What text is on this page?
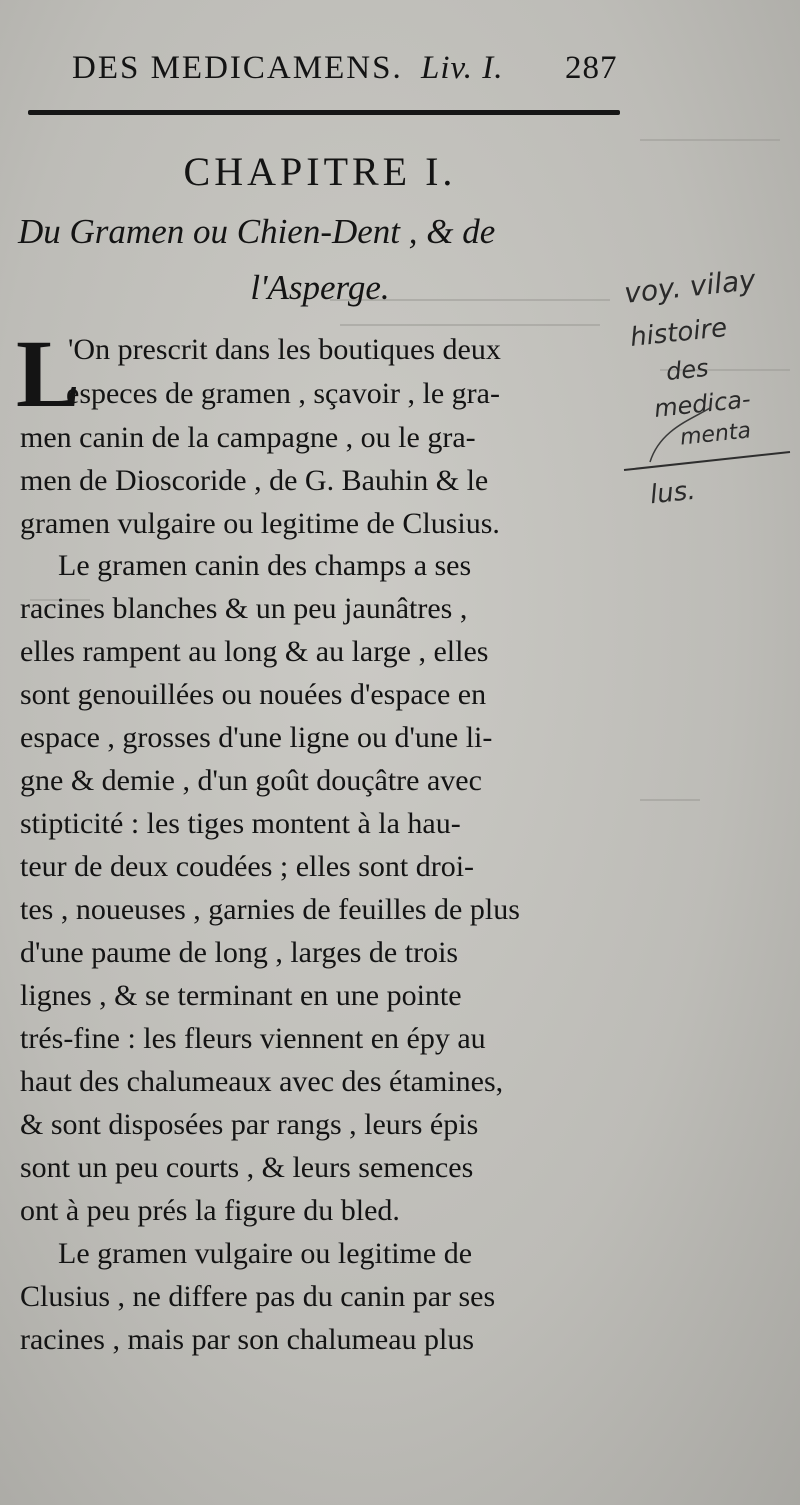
DES MEDICAMENS. Liv. I. 287
CHAPITRE I.
Du Gramen ou Chien-Dent , & de
l'Asperge.
L
'On prescrit dans les boutiques deux
especes de gramen , sçavoir , le gra-
men canin de la campagne , ou le gra-
men de Dioscoride , de G. Bauhin & le
gramen vulgaire ou legitime de Clusius.
Le gramen canin des champs a ses
racines blanches & un peu jaunâtres ,
elles rampent au long & au large , elles
sont genouillées ou nouées d'espace en
espace , grosses d'une ligne ou d'une li-
gne & demie , d'un goût douçâtre avec
stipticité : les tiges montent à la hau-
teur de deux coudées ; elles sont droi-
tes , noueuses , garnies de feuilles de plus
d'une paume de long , larges de trois
lignes , & se terminant en une pointe
trés-fine : les fleurs viennent en épy au
haut des chalumeaux avec des étamines,
& sont disposées par rangs , leurs épis
sont un peu courts , & leurs semences
ont à peu prés la figure du bled.
Le gramen vulgaire ou legitime de
Clusius , ne differe pas du canin par ses
racines , mais par son chalumeau plus
voy. vilay
histoire
des
medica-
menta
lus.
